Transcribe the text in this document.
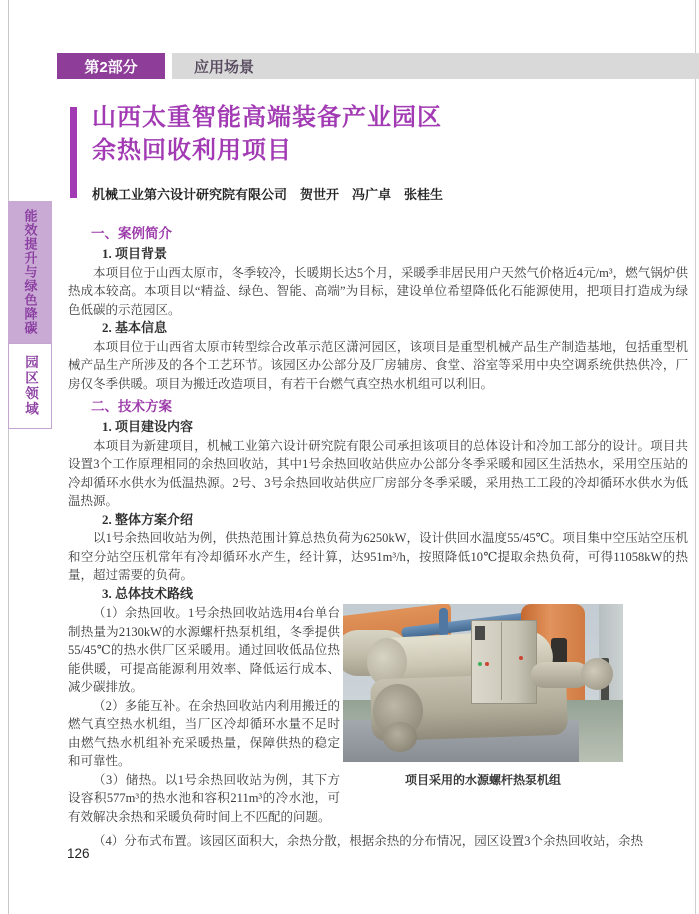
第2部分	应用场景
能效提升与绿色降碳
园区领域
山西太重智能高端装备产业园区
余热回收利用项目
机械工业第六设计研究院有限公司　贺世开　冯广卓　张桂生
一、案例简介
1. 项目背景

本项目位于山西太原市，冬季较冷，长暖期长达5个月，采暖季非居民用户天然气价格近4元/m³，燃气锅炉供热成本较高。本项目以“精益、绿色、智能、高端”为目标，建设单位希望降低化石能源使用，把项目打造成为绿色低碳的示范园区。

2. 基本信息

本项目位于山西省太原市转型综合改革示范区潇河园区，该项目是重型机械产品生产制造基地，包括重型机械产品生产所涉及的各个工艺环节。该园区办公部分及厂房辅房、食堂、浴室等采用中央空调系统供热供冷，厂房仅冬季供暖。项目为搬迁改造项目，有若干台燃气真空热水机组可以利旧。

二、技术方案
1. 项目建设内容

本项目为新建项目，机械工业第六设计研究院有限公司承担该项目的总体设计和冷加工部分的设计。项目共设置3个工作原理相同的余热回收站，其中1号余热回收站供应办公部分冬季采暖和园区生活热水，采用空压站的冷却循环水供水为低温热源。2号、3号余热回收站供应厂房部分冬季采暖，采用热工工段的冷却循环水供水为低温热源。

2. 整体方案介绍

以1号余热回收站为例，供热范围计算总热负荷为6250kW，设计供回水温度55/45℃。项目集中空压站空压机和空分站空压机常年有冷却循环水产生，经计算，达951m³/h，按照降低10℃提取余热负荷，可得11058kW的热量，超过需要的负荷。

3. 总体技术路线

（1）余热回收。1号余热回收站选用4台单台制热量为2130kW的水源螺杆热泵机组，冬季提供55/45℃的热水供厂区采暖用。通过回收低品位热能供暖，可提高能源利用效率、降低运行成本、减少碳排放。

（2）多能互补。在余热回收站内利用搬迁的燃气真空热水机组，当厂区冷却循环水量不足时由燃气热水机组补充采暖热量，保障供热的稳定和可靠性。

（3）储热。以1号余热回收站为例，其下方设容积577m³的热水池和容积211m³的冷水池，可有效解决余热和采暖负荷时间上不匹配的问题。

项目采用的水源螺杆热泵机组

（4）分布式布置。该园区面积大，余热分散，根据余热的分布情况，园区设置3个余热回收站，余热

126
